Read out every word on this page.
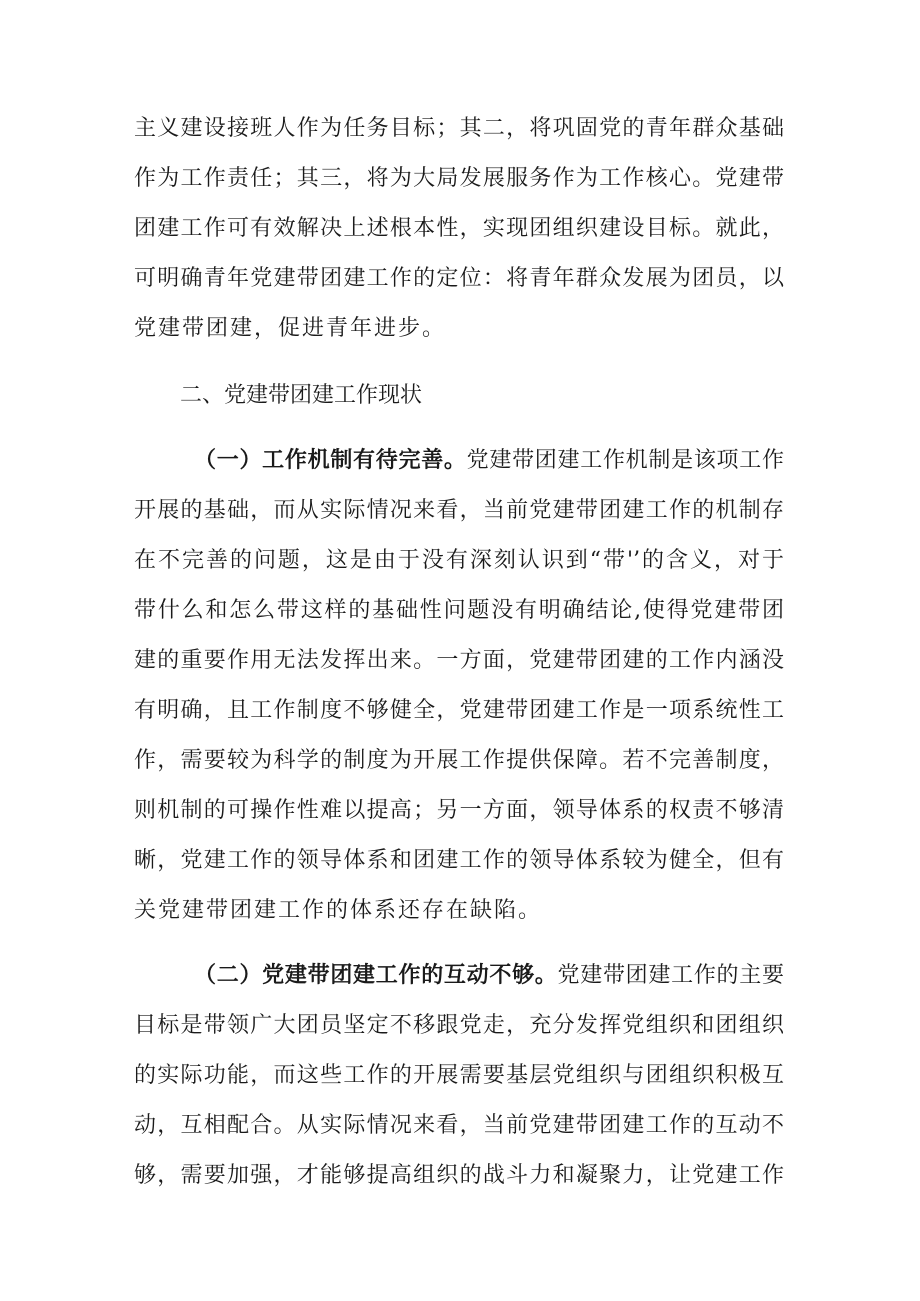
主义建设接班人作为任务目标；其二，将巩固党的青年群众基础
作为工作责任；其三，将为大局发展服务作为工作核心。党建带
团建工作可有效解决上述根本性，实现团组织建设目标。就此，
可明确青年党建带团建工作的定位：将青年群众发展为团员，以
党建带团建，促进青年进步。
二、党建带团建工作现状
（一）工作机制有待完善。党建带团建工作机制是该项工作
开展的基础，而从实际情况来看，当前党建带团建工作的机制存
在不完善的问题，这是由于没有深刻认识到“带'’的含义，对于
带什么和怎么带这样的基础性问题没有明确结论,使得党建带团
建的重要作用无法发挥出来。一方面，党建带团建的工作内涵没
有明确，且工作制度不够健全，党建带团建工作是一项系统性工
作，需要较为科学的制度为开展工作提供保障。若不完善制度，
则机制的可操作性难以提高；另一方面，领导体系的权责不够清
晰，党建工作的领导体系和团建工作的领导体系较为健全，但有
关党建带团建工作的体系还存在缺陷。
（二）党建带团建工作的互动不够。党建带团建工作的主要
目标是带领广大团员坚定不移跟党走，充分发挥党组织和团组织
的实际功能，而这些工作的开展需要基层党组织与团组织积极互
动，互相配合。从实际情况来看，当前党建带团建工作的互动不
够，需要加强，才能够提高组织的战斗力和凝聚力，让党建工作
